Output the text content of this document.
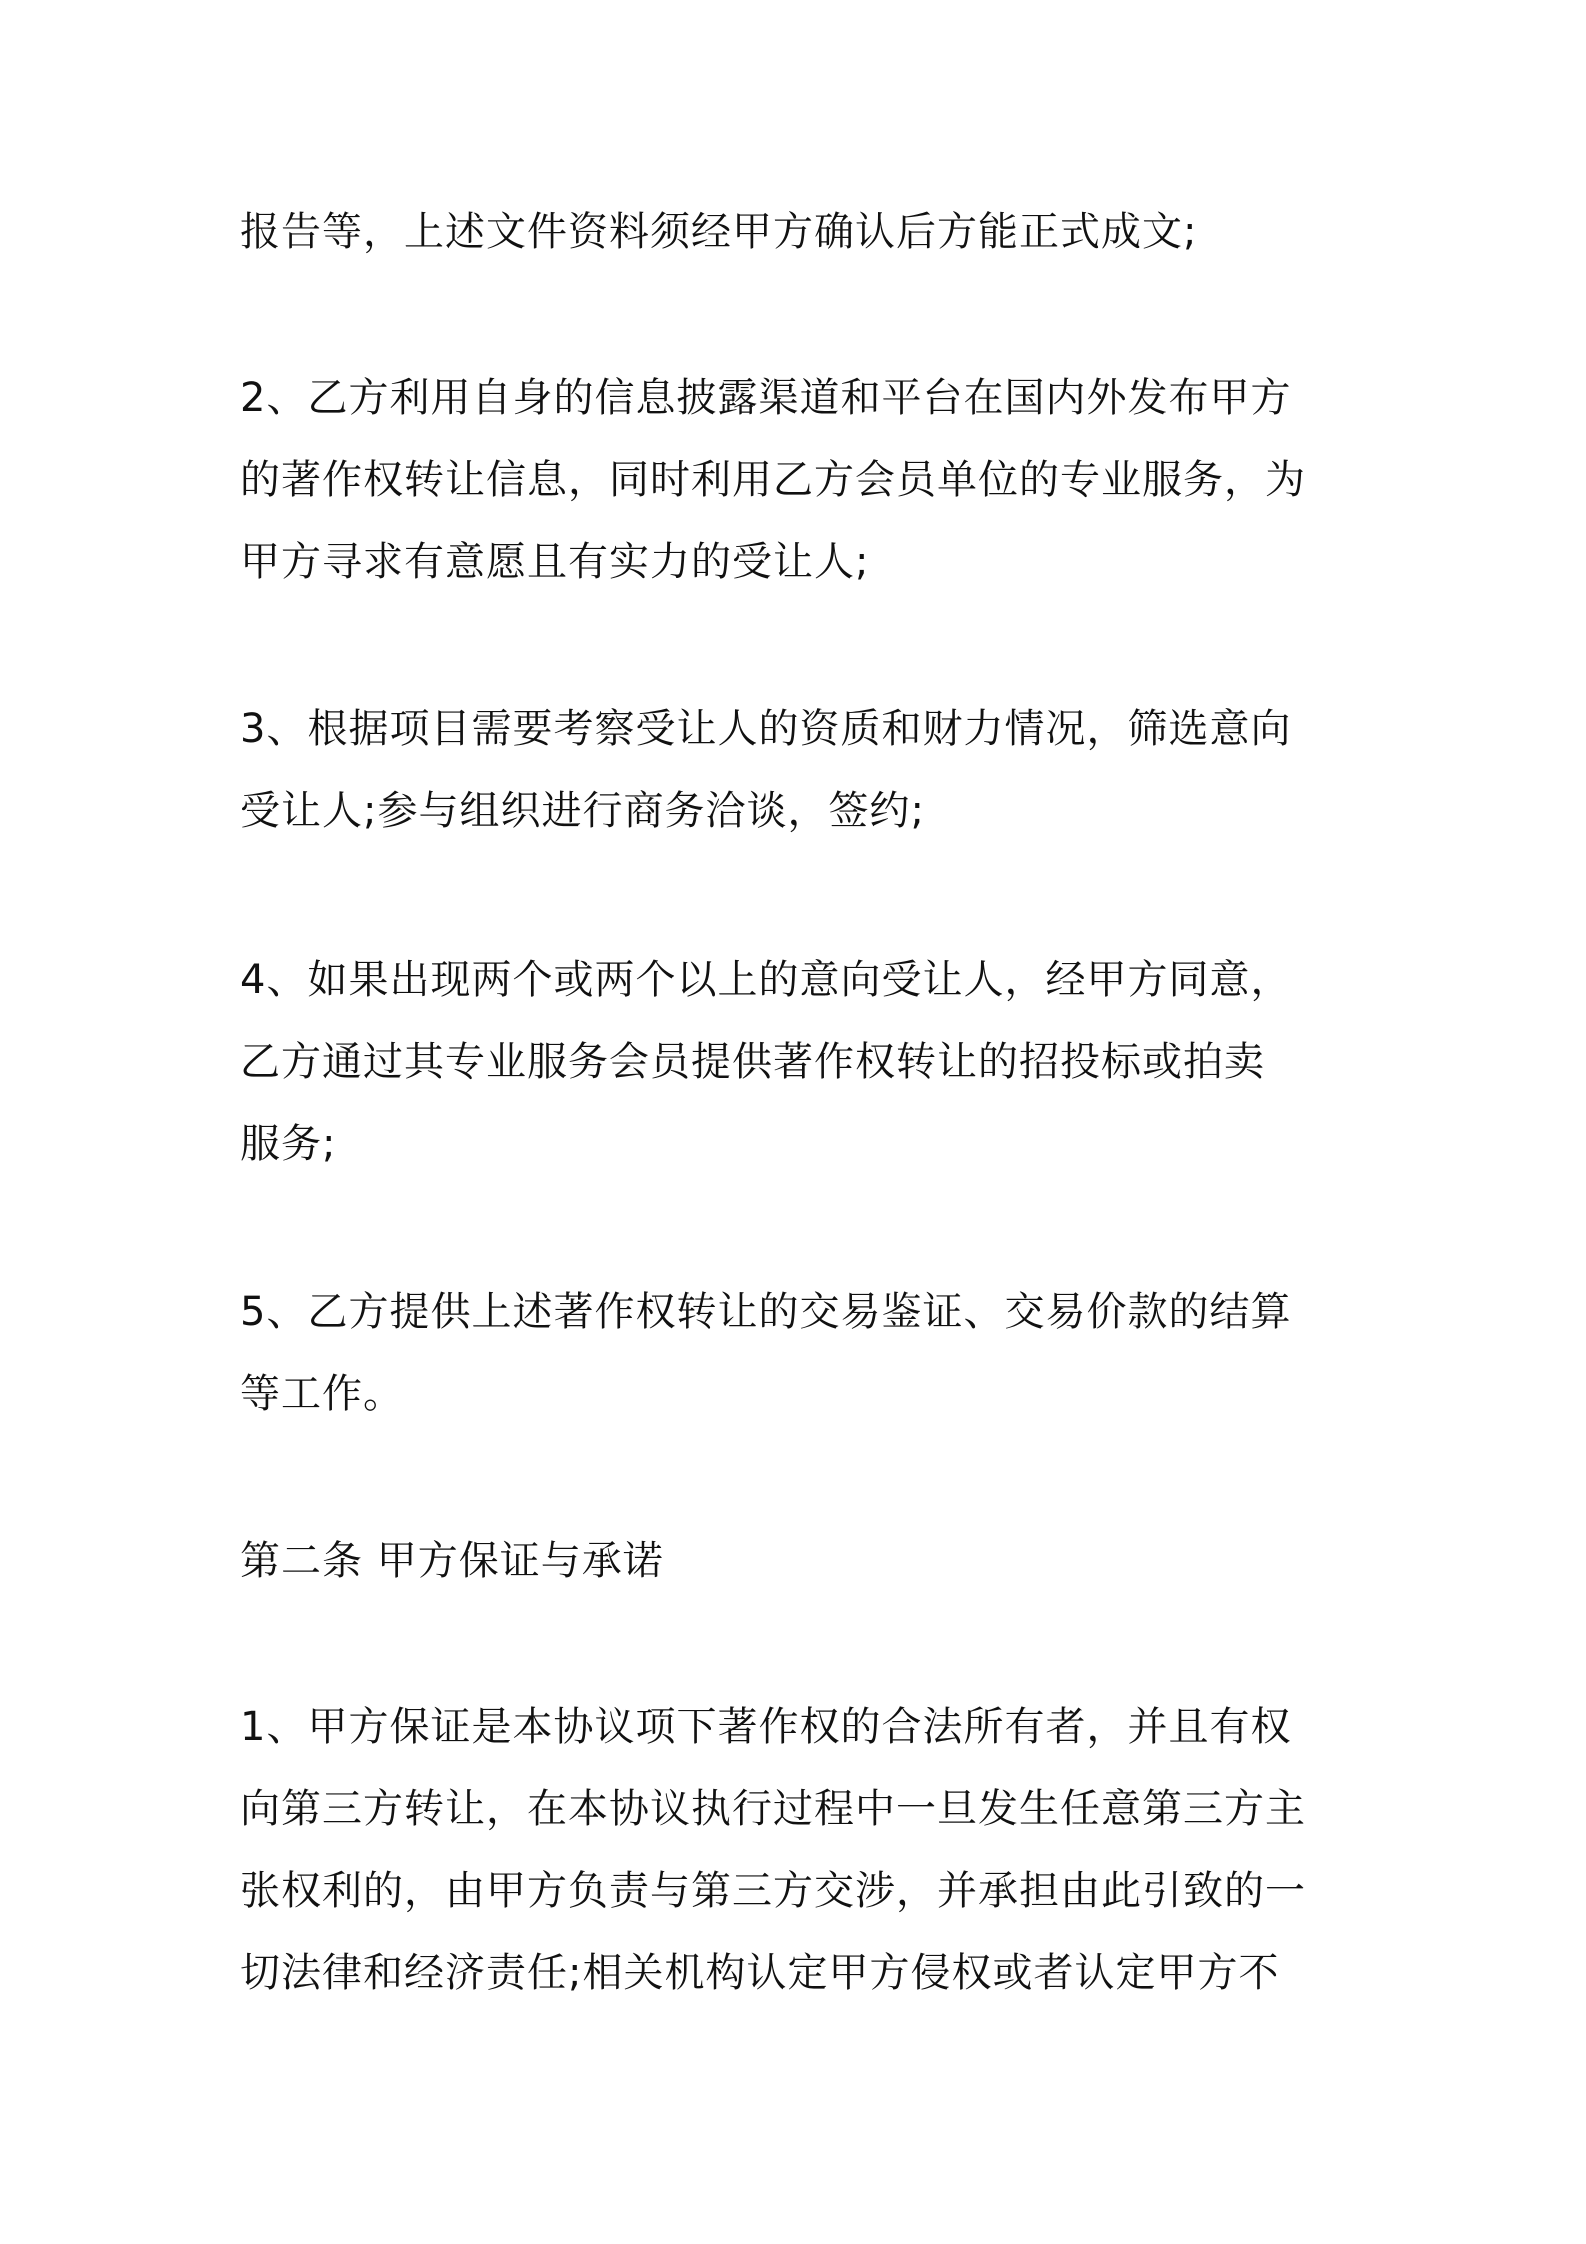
报告等，上述文件资料须经甲方确认后方能正式成文;

2、乙方利用自身的信息披露渠道和平台在国内外发布甲方

的著作权转让信息，同时利用乙方会员单位的专业服务，为

甲方寻求有意愿且有实力的受让人;

3、根据项目需要考察受让人的资质和财力情况，筛选意向

受让人;参与组织进行商务洽谈，签约;

4、如果出现两个或两个以上的意向受让人，经甲方同意，

乙方通过其专业服务会员提供著作权转让的招投标或拍卖

服务;

5、乙方提供上述著作权转让的交易鉴证、交易价款的结算

等工作。

第二条 甲方保证与承诺

1、甲方保证是本协议项下著作权的合法所有者，并且有权

向第三方转让，在本协议执行过程中一旦发生任意第三方主

张权利的，由甲方负责与第三方交涉，并承担由此引致的一

切法律和经济责任;相关机构认定甲方侵权或者认定甲方不
